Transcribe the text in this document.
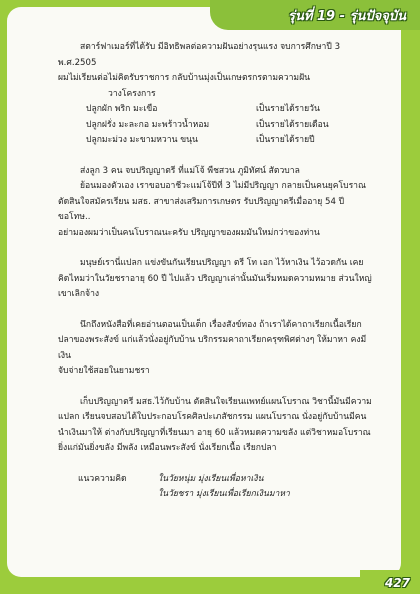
รุ่นที่ 19 - รุ่นปัจจุบัน
427

สตาร์ฟาเมอร์ที่ได้รับ มีอิทธิพลต่อความฝันอย่างรุนแรง จบการศึกษาปี 3 พ.ศ.2505

ผมไม่เรียนต่อไม่คิดรับราชการ กลับบ้านมุ่งเป็นเกษตรกรตามความฝัน

วางโครงการ

ปลูกผัก พริก มะเขือ	เป็นรายได้รายวัน
ปลูกฝรั่ง มะละกอ มะพร้าวน้ำหอม	เป็นรายได้รายเดือน
ปลูกมะม่วง มะขามหวาน ขนุน	เป็นรายได้รายปี

ส่งลูก 3 คน จบปริญญาตรี ที่แม่โจ้ พืชสวน ภูมิทัศน์ สัตวบาล

ย้อนมองตัวเอง เราขอบอาชีวะแม่โจ้ปีที่ 3 ไม่มีปริญญา กลายเป็นคนยุคโบราณ

ตัดสินใจสมัครเรียน มสธ. สาขาส่งเสริมการเกษตร รับปริญญาตรีเมื่ออายุ 54 ปี ขอโทษ..

อย่ามองผมว่าเป็นคนโบราณนะครับ ปริญญาของผมมันใหม่กว่าของท่าน

มนุษย์เรานี่แปลก แข่งขันกันเรียนปริญญา ตรี โท เอก ไว้หาเงิน ไว้อวดกัน เคย

คิดไหมว่าในวัยชราอายุ 60 ปี ไปแล้ว ปริญญาเล่านั้นมันเริ่มหมดความหมาย ส่วนใหญ่

เขาเลิกจ้าง

นึกถึงหนังสือที่เคยอ่านตอนเป็นเด็ก เรื่องสังข์ทอง ถ้าเราได้คาถาเรียกเนื้อเรียก

ปลาของพระสังข์ แก่แล้วนั่งอยู่กับบ้าน บริกรรมคาถาเรียกครุฑพิศต่างๆ ให้มาหา คงมีเงิน

จับจ่ายใช้สอยในยามชรา

เก็บปริญญาตรี มสธ.ไว้กับบ้าน ตัดสินใจเรียนแพทย์แผนโบราณ วิชานี้มันมีความ

แปลก เรียนจบสอบได้ใบประกอบโรคศิลปะเภสัชกรรม แผนโบราณ นั่งอยู่กับบ้านมีคน

นำเงินมาให้ ต่างกับปริญญาที่เรียนมา อายุ 60 แล้วหมดความขลัง แต่วิชาหมอโบราณ

ยิ่งแก่มันยิ่งขลัง มีพลัง เหมือนพระสังข์ นั่งเรียกเนื้อ เรียกปลา

แนวความคิด	ในวัยหนุ่ม มุ่งเรียนเพื่อหาเงิน

ในวัยชรา มุ่งเรียนเพื่อเรียกเงินมาหา
